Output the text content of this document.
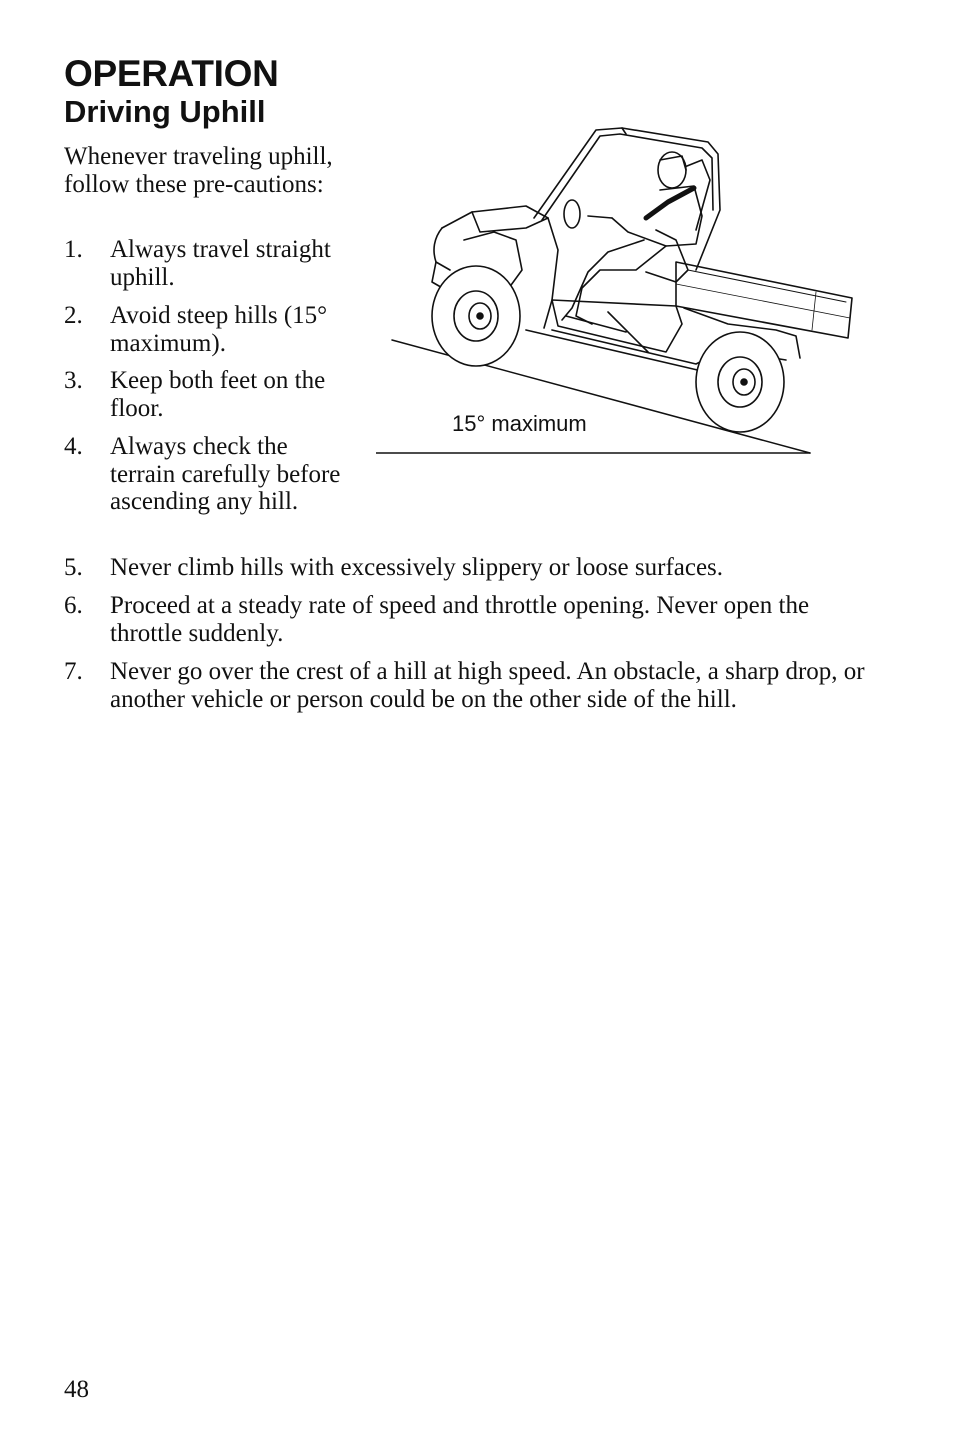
OPERATION
Driving Uphill

Whenever traveling uphill, follow these pre-cautions:

1. Always travel straight uphill.
2. Avoid steep hills (15° maximum).
3. Keep both feet on the floor.
4. Always check the terrain carefully before ascending any hill.
5. Never climb hills with excessively slippery or loose surfaces.
6. Proceed at a steady rate of speed and throttle opening. Never open the throttle suddenly.
7. Never go over the crest of a hill at high speed. An obstacle, a sharp drop, or another vehicle or person could be on the other side of the hill.
15° maximum

48
